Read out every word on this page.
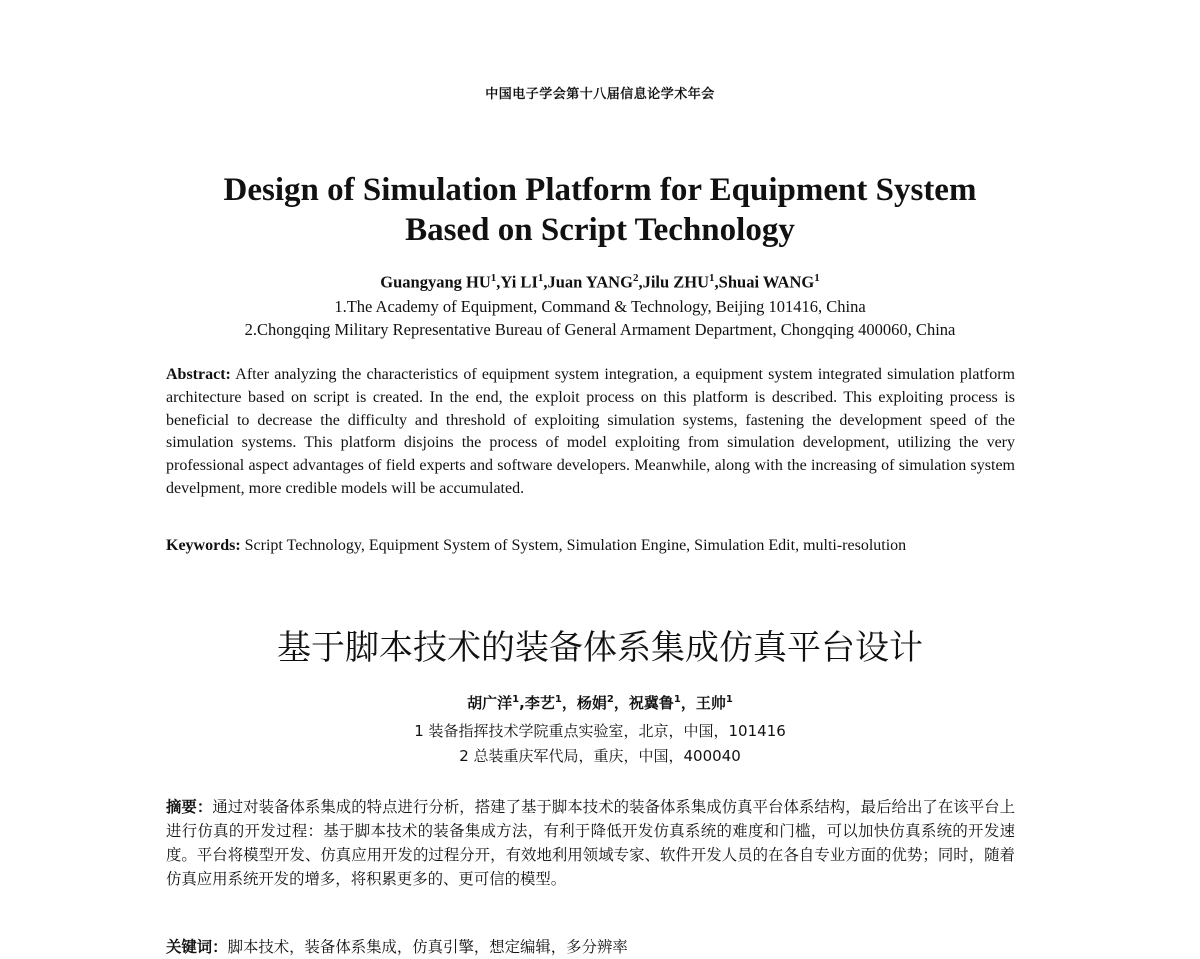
中国电子学会第十八届信息论学术年会
Design of Simulation Platform for Equipment System
Based on Script Technology
Guangyang $HU^1,Yi$ $LI^1,Juan$ YANG$^2$,Jilu ZHU$^1$,Shuai WANG$^1$
1.The Academy of Equipment, Command & Technology, Beijing 101416, China
2.Chongqing Military Representative Bureau of General Armament Department, Chongqing 400060, China
Abstract: After analyzing the characteristics of equipment system integration, a equipment system integrated simulation platform architecture based on script is created. In the end, the exploit process on this platform is described. This exploiting process is beneficial to decrease the difficulty and threshold of exploiting simulation systems, fastening the development speed of the simulation systems. This platform disjoins the process of model exploiting from simulation development, utilizing the very professional aspect advantages of field experts and software developers. Meanwhile, along with the increasing of simulation system develpment, more credible models will be accumulated.
Keywords: Script Technology, Equipment System of System, Simulation Engine, Simulation Edit, multi-resolution
基于脚本技术的装备体系集成仿真平台设计
胡广洋$^1$,李艺$^1$，杨娟$^2$，祝冀鲁$^1$，王帅$^1$
1 装备指挥技术学院重点实验室，北京，中国，101416
2 总装重庆军代局，重庆，中国，400040
摘要：通过对装备体系集成的特点进行分析，搭建了基于脚本技术的装备体系集成仿真平台体系结构，最后给出了在该平台上进行仿真的开发过程：基于脚本技术的装备集成方法，有利于降低开发仿真系统的难度和门槛，可以加快仿真系统的开发速度。平台将模型开发、仿真应用开发的过程分开，有效地利用领域专家、软件开发人员的在各自专业方面的优势；同时，随着仿真应用系统开发的增多，将积累更多的、更可信的模型。
关键词：脚本技术，装备体系集成，仿真引擎，想定编辑，多分辨率
